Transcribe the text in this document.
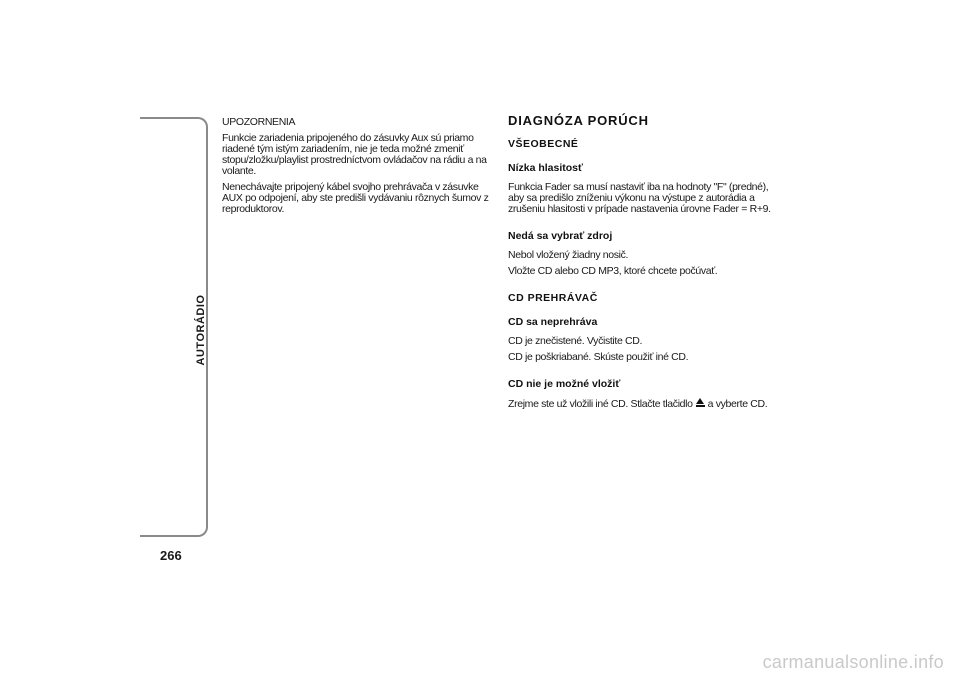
AUTORÁDIO
266

UPOZORNENIA

Funkcie zariadenia pripojeného do zásuvky Aux sú priamo riadené tým istým zariadením, nie je teda možné zmeniť stopu/zložku/playlist prostredníctvom ovládačov na rádiu a na volante.

Nenechávajte pripojený kábel svojho prehrávača v zásuvke AUX po odpojení, aby ste predišli vydávaniu rôznych šumov z reproduktorov.

DIAGNÓZA PORÚCH
VŠEOBECNÉ
Nízka hlasitosť

Funkcia Fader sa musí nastaviť iba na hodnoty "F" (predné), aby sa predišlo zníženiu výkonu na výstupe z autorádia a zrušeniu hlasitosti v prípade nastavenia úrovne Fader = R+9.

Nedá sa vybrať zdroj

Nebol vložený žiadny nosič.

Vložte CD alebo CD MP3, ktoré chcete počúvať.

CD PREHRÁVAČ
CD sa neprehráva

CD je znečistené. Vyčistite CD.

CD je poškriabané. Skúste použiť iné CD.

CD nie je možné vložiť

Zrejme ste už vložili iné CD. Stlačte tlačidlo a vyberte CD.

carmanualsonline.info
